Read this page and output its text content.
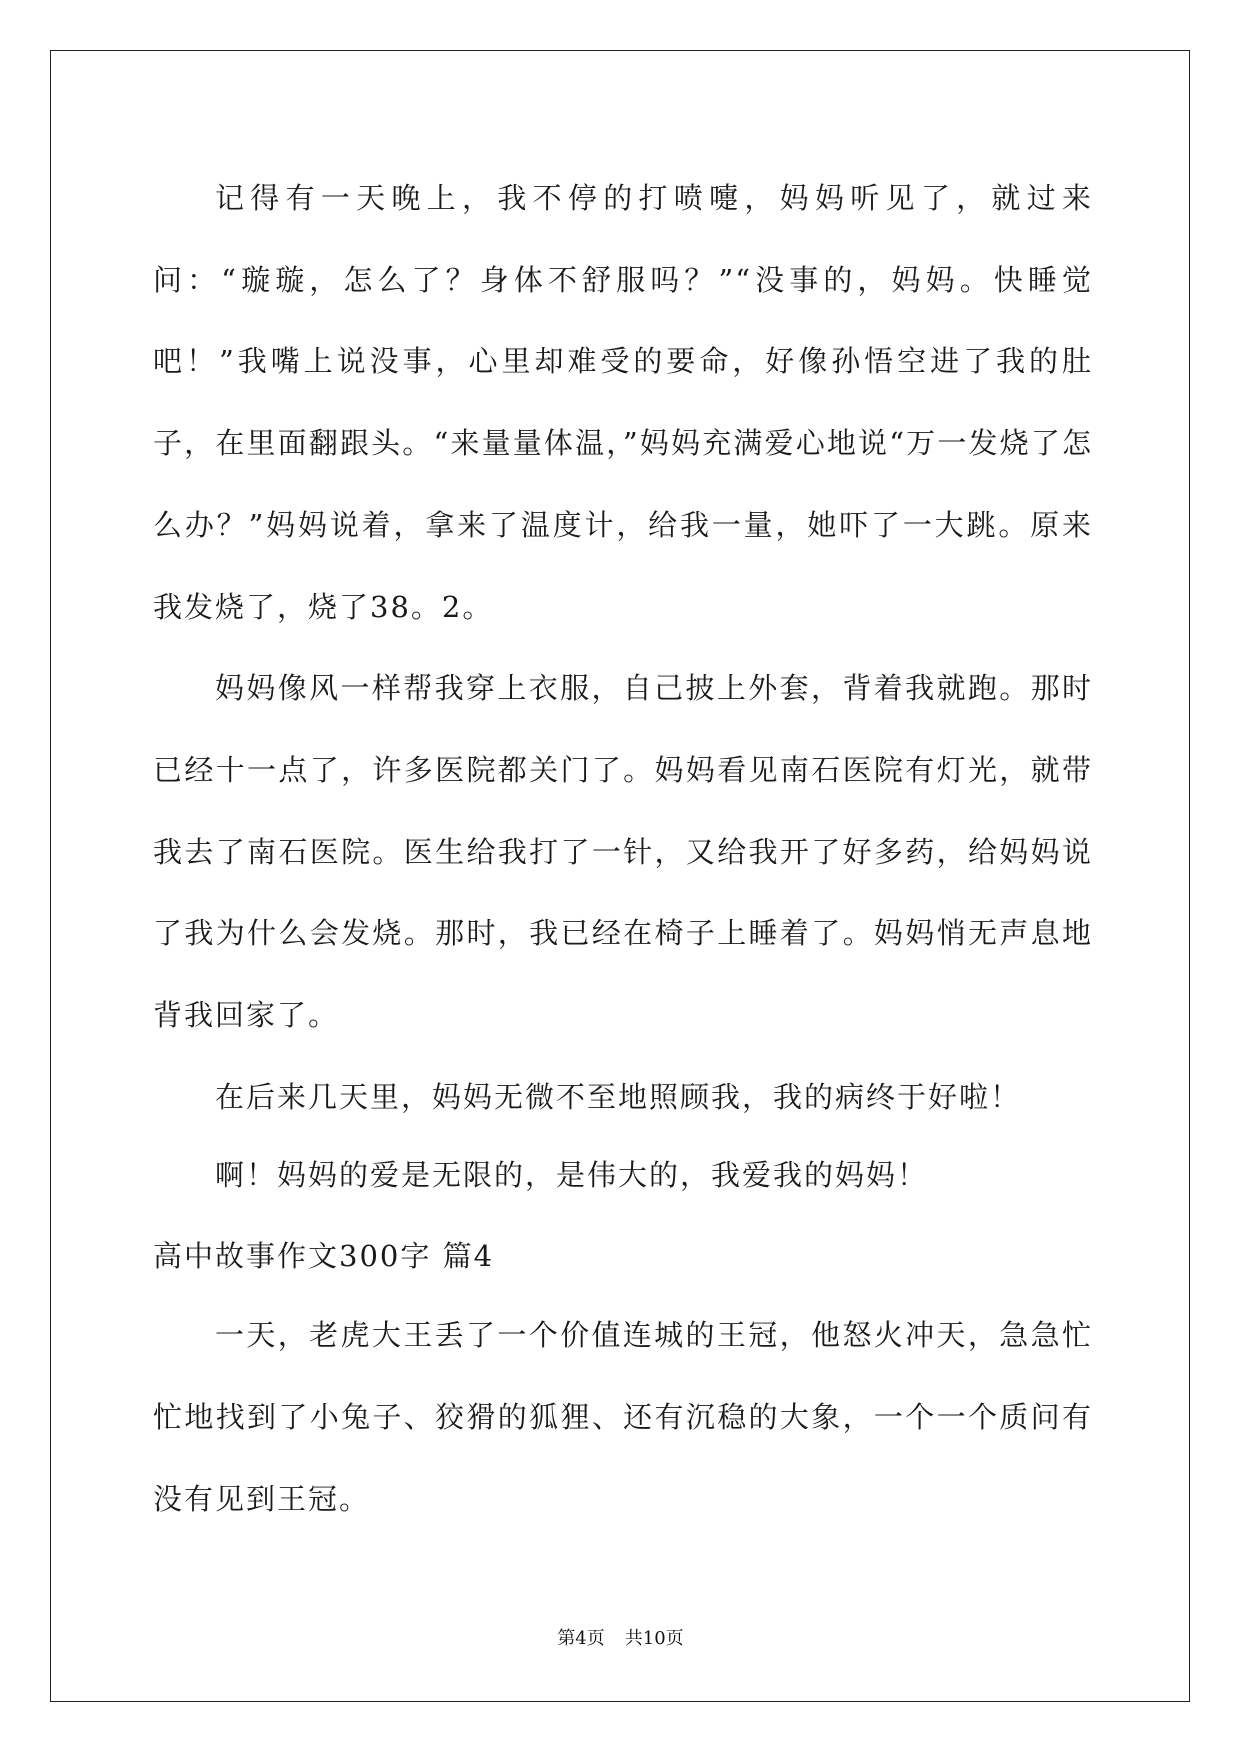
记得有一天晚上，我不停的打喷嚏，妈妈听见了，就过来问：“璇璇，怎么了？身体不舒服吗？”“没事的，妈妈。快睡觉吧！”我嘴上说没事，心里却难受的要命，好像孙悟空进了我的肚子，在里面翻跟头。“来量量体温，”妈妈充满爱心地说“万一发烧了怎么办？”妈妈说着，拿来了温度计，给我一量，她吓了一大跳。原来我发烧了，烧了38。2。

妈妈像风一样帮我穿上衣服，自己披上外套，背着我就跑。那时已经十一点了，许多医院都关门了。妈妈看见南石医院有灯光，就带我去了南石医院。医生给我打了一针，又给我开了好多药，给妈妈说了我为什么会发烧。那时，我已经在椅子上睡着了。妈妈悄无声息地背我回家了。

在后来几天里，妈妈无微不至地照顾我，我的病终于好啦！

啊！妈妈的爱是无限的，是伟大的，我爱我的妈妈！

高中故事作文300字 篇4

一天，老虎大王丢了一个价值连城的王冠，他怒火冲天，急急忙忙地找到了小兔子、狡猾的狐狸、还有沉稳的大象，一个一个质问有没有见到王冠。

第4页 共10页
